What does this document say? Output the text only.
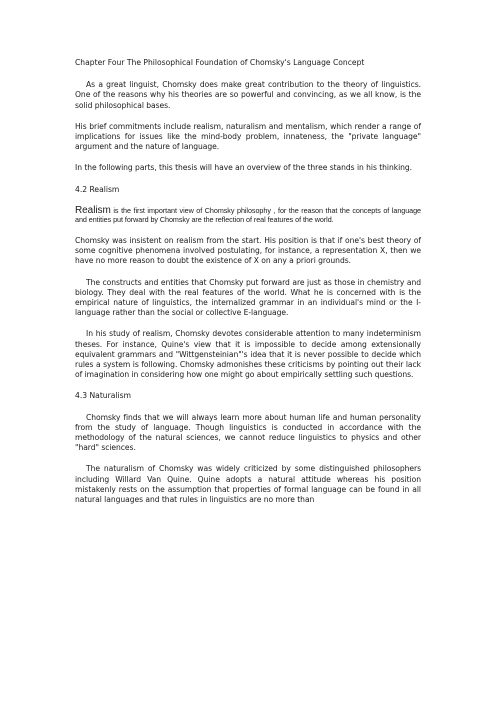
Chapter Four The Philosophical Foundation of Chomsky's Language Concept

As a great linguist, Chomsky does make great contribution to the theory of linguistics. One of the reasons why his theories are so powerful and convincing, as we all know, is the solid philosophical bases.

His brief commitments include realism, naturalism and mentalism, which render a range of implications for issues like the mind-body problem, innateness, the "private language" argument and the nature of language.

In the following parts, this thesis will have an overview of the three stands in his thinking.

4.2 Realism

Realism is the first important view of Chomsky philosophy , for the reason that the concepts of language and entities put forward by Chomsky are the reflection of real features of the world.

Chomsky was insistent on realism from the start. His position is that if one's best theory of some cognitive phenomena involved postulating, for instance, a representation X, then we have no more reason to doubt the existence of X on any a priori grounds.

The constructs and entities that Chomsky put forward are just as those in chemistry and biology. They deal with the real features of the world. What he is concerned with is the empirical nature of linguistics, the internalized grammar in an individual's mind or the I-language rather than the social or collective E-language.

In his study of realism, Chomsky devotes considerable attention to many indeterminism theses. For instance, Quine's view that it is impossible to decide among extensionally equivalent grammars and "Wittgensteinian"'s idea that it is never possible to decide which rules a system is following. Chomsky admonishes these criticisms by pointing out their lack of imagination in considering how one might go about empirically settling such questions.

4.3 Naturalism

Chomsky finds that we will always learn more about human life and human personality from the study of language. Though linguistics is conducted in accordance with the methodology of the natural sciences, we cannot reduce linguistics to physics and other "hard" sciences.

The naturalism of Chomsky was widely criticized by some distinguished philosophers including Willard Van Quine. Quine adopts a natural attitude whereas his position mistakenly rests on the assumption that properties of formal language can be found in all natural languages and that rules in linguistics are no more than
